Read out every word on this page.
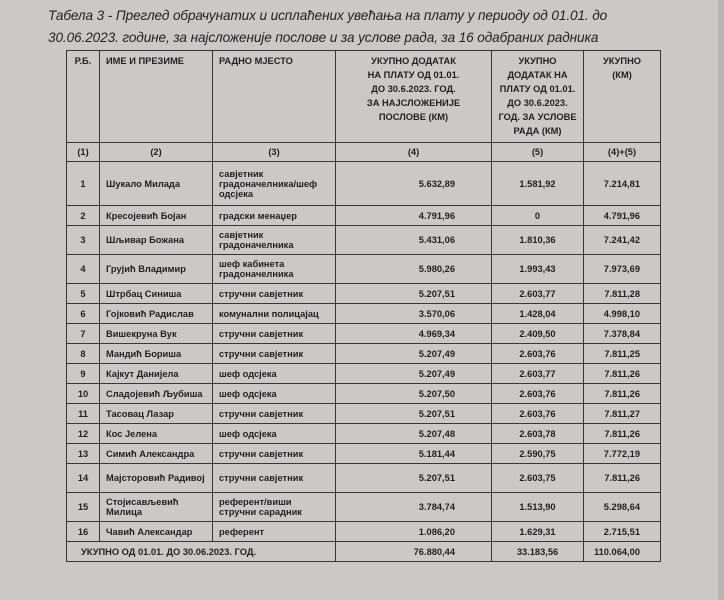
Табела 3 - Преглед обрачунатих и исплаћених увећања на плату у периоду од 01.01. до
30.06.2023. године, за најсложеније послове и за услове рада, за 16 одабраних радника
Р.Б.	ИМЕ И ПРЕЗИМЕ	РАДНО МЈЕСТО	УКУПНО ДОДАТАК
НА ПЛАТУ ОД 01.01.
ДО 30.6.2023. ГОД.
ЗА НАЈСЛОЖЕНИЈЕ
ПОСЛОВЕ (КМ)	УКУПНО
ДОДАТАК НА
ПЛАТУ ОД 01.01.
ДО 30.6.2023.
ГОД. ЗА УСЛОВЕ
РАДА (КМ)	УКУПНО
(КМ)
(1)	(2)	(3)	(4)	(5)	(4)+(5)
1	Шукало Милада	савјетник градоначелника/шеф одсјека	5.632,89	1.581,92	7.214,81
2	Кресојевић Бојан	градски менаџер	4.791,96	0	4.791,96
3	Шљивар Божана	савјетник градоначелника	5.431,06	1.810,36	7.241,42
4	Грујић Владимир	шеф кабинета градоначелника	5.980,26	1.993,43	7.973,69
5	Штрбац Синиша	стручни савјетник	5.207,51	2.603,77	7.811,28
6	Гојковић Радислав	комунални полицајац	3.570,06	1.428,04	4.998,10
7	Вишекруна Вук	стручни савјетник	4.969,34	2.409,50	7.378,84
8	Мандић Бориша	стручни савјетник	5.207,49	2.603,76	7.811,25
9	Кајкут Данијела	шеф одсјека	5.207,49	2.603,77	7.811,26
10	Сладојевић Љубиша	шеф одсјека	5.207,50	2.603,76	7.811,26
11	Тасовац Лазар	стручни савјетник	5.207,51	2.603,76	7.811,27
12	Кос Јелена	шеф одсјека	5.207,48	2.603,78	7.811,26
13	Симић Александра	стручни савјетник	5.181,44	2.590,75	7.772,19
14	Мајсторовић Радивој	стручни савјетник	5.207,51	2.603,75	7.811,26
15	Стојисављевић Милица	референт/виши стручни сарадник	3.784,74	1.513,90	5.298,64
16	Чавић Александар	референт	1.086,20	1.629,31	2.715,51
УКУПНО ОД 01.01. ДО 30.06.2023. ГОД.			76.880,44	33.183,56	110.064,00
